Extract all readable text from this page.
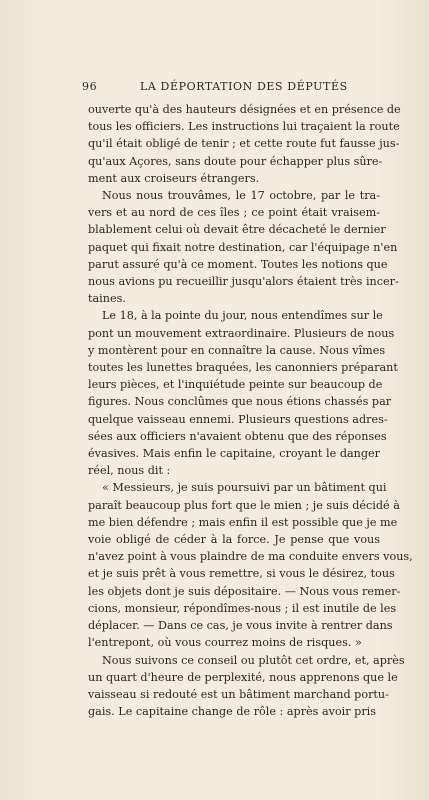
96	LA DÉPORTATION DES DÉPUTÉS
ouverte qu'à des hauteurs désignées et en présence de
tous les officiers. Les instructions lui traçaient la route
qu'il était obligé de tenir ; et cette route fut fausse jus-
qu'aux Açores, sans doute pour échapper plus sûre-
ment aux croiseurs étrangers.
Nous nous trouvâmes, le 17 octobre, par le tra-
vers et au nord de ces îles ; ce point était vraisem-
blablement celui où devait être décacheté le dernier
paquet qui fixait notre destination, car l'équipage n'en
parut assuré qu'à ce moment. Toutes les notions que
nous avions pu recueillir jusqu'alors étaient très incer-
taines.
Le 18, à la pointe du jour, nous entendîmes sur le
pont un mouvement extraordinaire. Plusieurs de nous
y montèrent pour en connaître la cause. Nous vîmes
toutes les lunettes braquées, les canonniers préparant
leurs pièces, et l'inquiétude peinte sur beaucoup de
figures. Nous conclûmes que nous étions chassés par
quelque vaisseau ennemi. Plusieurs questions adres-
sées aux officiers n'avaient obtenu que des réponses
évasives. Mais enfin le capitaine, croyant le danger
réel, nous dit :
« Messieurs, je suis poursuivi par un bâtiment qui
paraît beaucoup plus fort que le mien ; je suis décidé à
me bien défendre ; mais enfin il est possible que je me
voie obligé de céder à la force. Je pense que vous
n'avez point à vous plaindre de ma conduite envers vous,
et je suis prêt à vous remettre, si vous le désirez, tous
les objets dont je suis dépositaire. — Nous vous remer-
cions, monsieur, répondîmes-nous ; il est inutile de les
déplacer. — Dans ce cas, je vous invite à rentrer dans
l'entrepont, où vous courrez moins de risques. »
Nous suivons ce conseil ou plutôt cet ordre, et, après
un quart d'heure de perplexité, nous apprenons que le
vaisseau si redouté est un bâtiment marchand portu-
gais. Le capitaine change de rôle : après avoir pris
